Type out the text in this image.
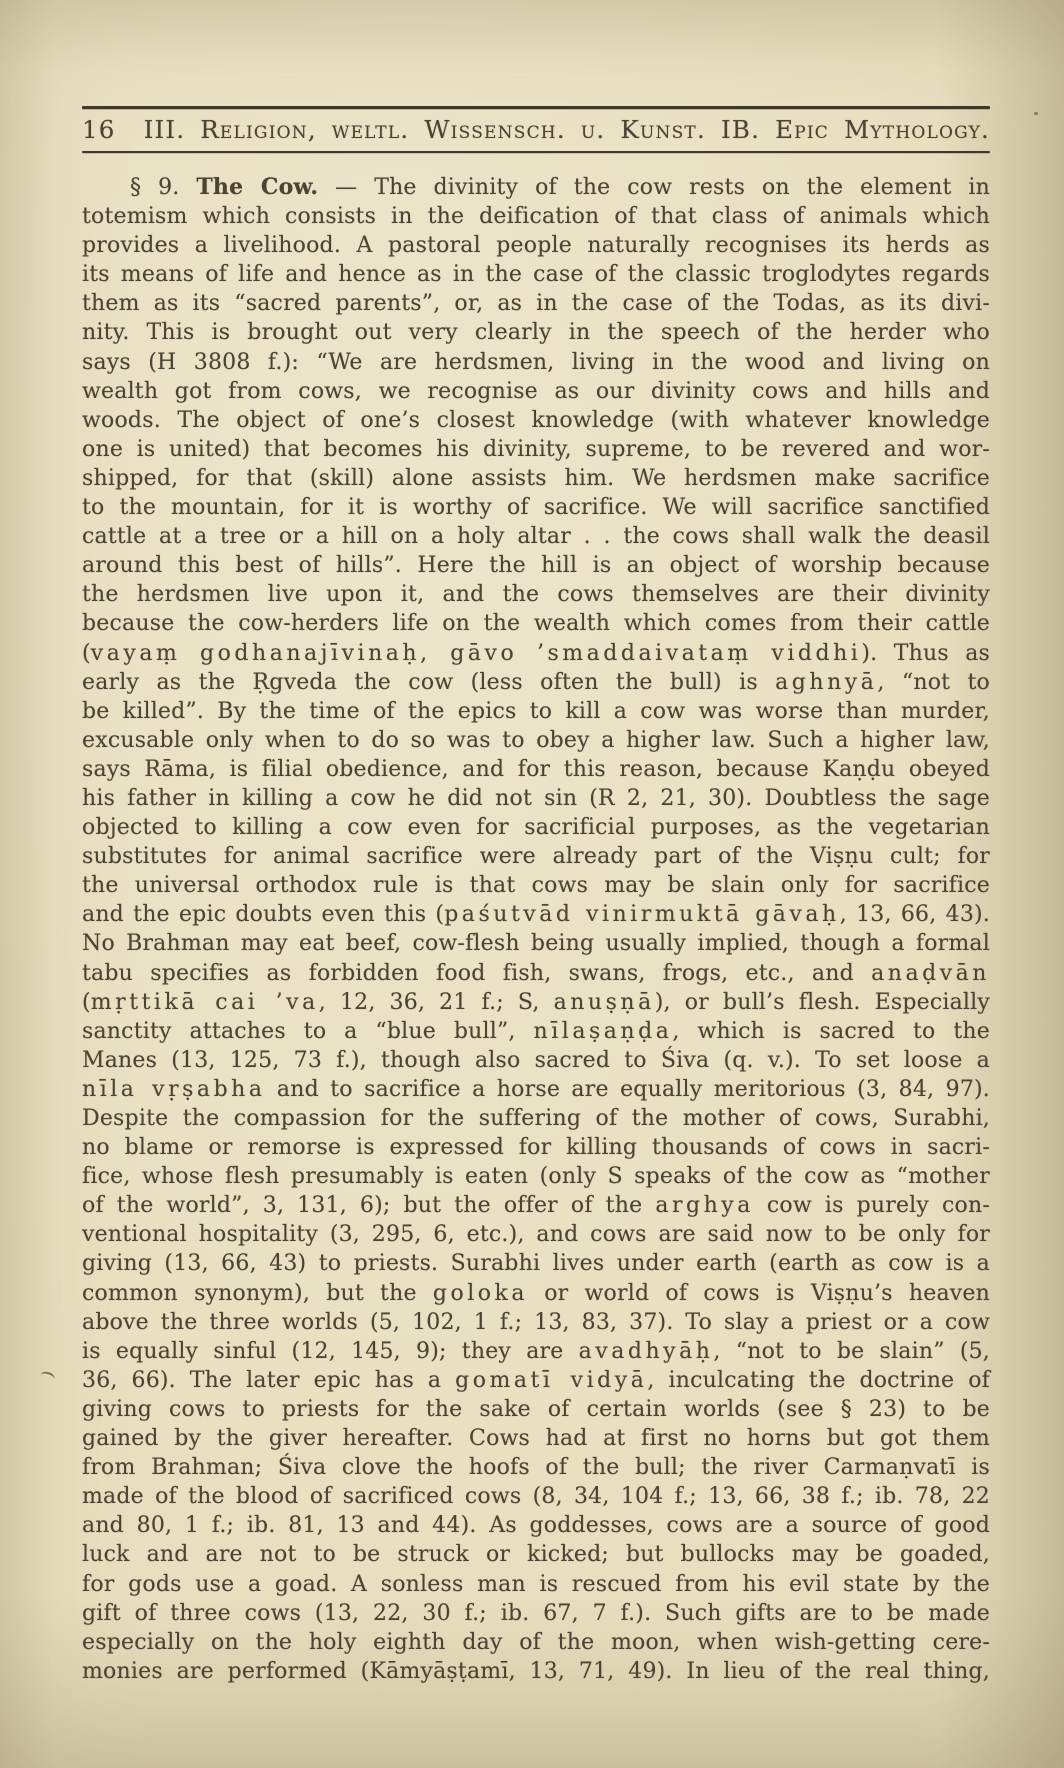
16 III. Religion, weltl. Wissensch. u. Kunst. IB. Epic Mythology.
§ 9. The Cow. — The divinity of the cow rests on the element in
totemism which consists in the deification of that class of animals which
provides a livelihood. A pastoral people naturally recognises its herds as
its means of life and hence as in the case of the classic troglodytes regards
them as its “sacred parents”, or, as in the case of the Todas, as its divi-
nity. This is brought out very clearly in the speech of the herder who
says (H 3808 f.): “We are herdsmen, living in the wood and living on
wealth got from cows, we recognise as our divinity cows and hills and
woods. The object of one’s closest knowledge (with whatever knowledge
one is united) that becomes his divinity, supreme, to be revered and wor-
shipped, for that (skill) alone assists him. We herdsmen make sacrifice
to the mountain, for it is worthy of sacrifice. We will sacrifice sanctified
cattle at a tree or a hill on a holy altar . . the cows shall walk the deasil
around this best of hills”. Here the hill is an object of worship because
the herdsmen live upon it, and the cows themselves are their divinity
because the cow-herders life on the wealth which comes from their cattle
(vayaṃ godhanajīvinaḥ, gāvo ’smaddaivataṃ viddhi). Thus as
early as the Ṛgveda the cow (less often the bull) is aghnyā, “not to
be killed”. By the time of the epics to kill a cow was worse than murder,
excusable only when to do so was to obey a higher law. Such a higher law,
says Rāma, is filial obedience, and for this reason, because Kaṇḍu obeyed
his father in killing a cow he did not sin (R 2, 21, 30). Doubtless the sage
objected to killing a cow even for sacrificial purposes, as the vegetarian
substitutes for animal sacrifice were already part of the Viṣṇu cult; for
the universal orthodox rule is that cows may be slain only for sacrifice
and the epic doubts even this (paśutvād vinirmuktā gāvaḥ, 13, 66, 43).
No Brahman may eat beef, cow-flesh being usually implied, though a formal
tabu specifies as forbidden food fish, swans, frogs, etc., and anaḍvān
(mṛttikā cai ’va, 12, 36, 21 f.; S, anuṣṇā), or bull’s flesh. Especially
sanctity attaches to a “blue bull”, nīlaṣaṇḍa, which is sacred to the
Manes (13, 125, 73 f.), though also sacred to Śiva (q. v.). To set loose a
nīla vṛṣabha and to sacrifice a horse are equally meritorious (3, 84, 97).
Despite the compassion for the suffering of the mother of cows, Surabhi,
no blame or remorse is expressed for killing thousands of cows in sacri-
fice, whose flesh presumably is eaten (only S speaks of the cow as “mother
of the world”, 3, 131, 6); but the offer of the arghya cow is purely con-
ventional hospitality (3, 295, 6, etc.), and cows are said now to be only for
giving (13, 66, 43) to priests. Surabhi lives under earth (earth as cow is a
common synonym), but the goloka or world of cows is Viṣṇu’s heaven
above the three worlds (5, 102, 1 f.; 13, 83, 37). To slay a priest or a cow
is equally sinful (12, 145, 9); they are avadhyāḥ, “not to be slain” (5,
36, 66). The later epic has a gomatī vidyā, inculcating the doctrine of
giving cows to priests for the sake of certain worlds (see § 23) to be
gained by the giver hereafter. Cows had at first no horns but got them
from Brahman; Śiva clove the hoofs of the bull; the river Carmaṇvatī is
made of the blood of sacrificed cows (8, 34, 104 f.; 13, 66, 38 f.; ib. 78, 22
and 80, 1 f.; ib. 81, 13 and 44). As goddesses, cows are a source of good
luck and are not to be struck or kicked; but bullocks may be goaded,
for gods use a goad. A sonless man is rescued from his evil state by the
gift of three cows (13, 22, 30 f.; ib. 67, 7 f.). Such gifts are to be made
especially on the holy eighth day of the moon, when wish-getting cere-
monies are performed (Kāmyāṣṭamī, 13, 71, 49). In lieu of the real thing,
